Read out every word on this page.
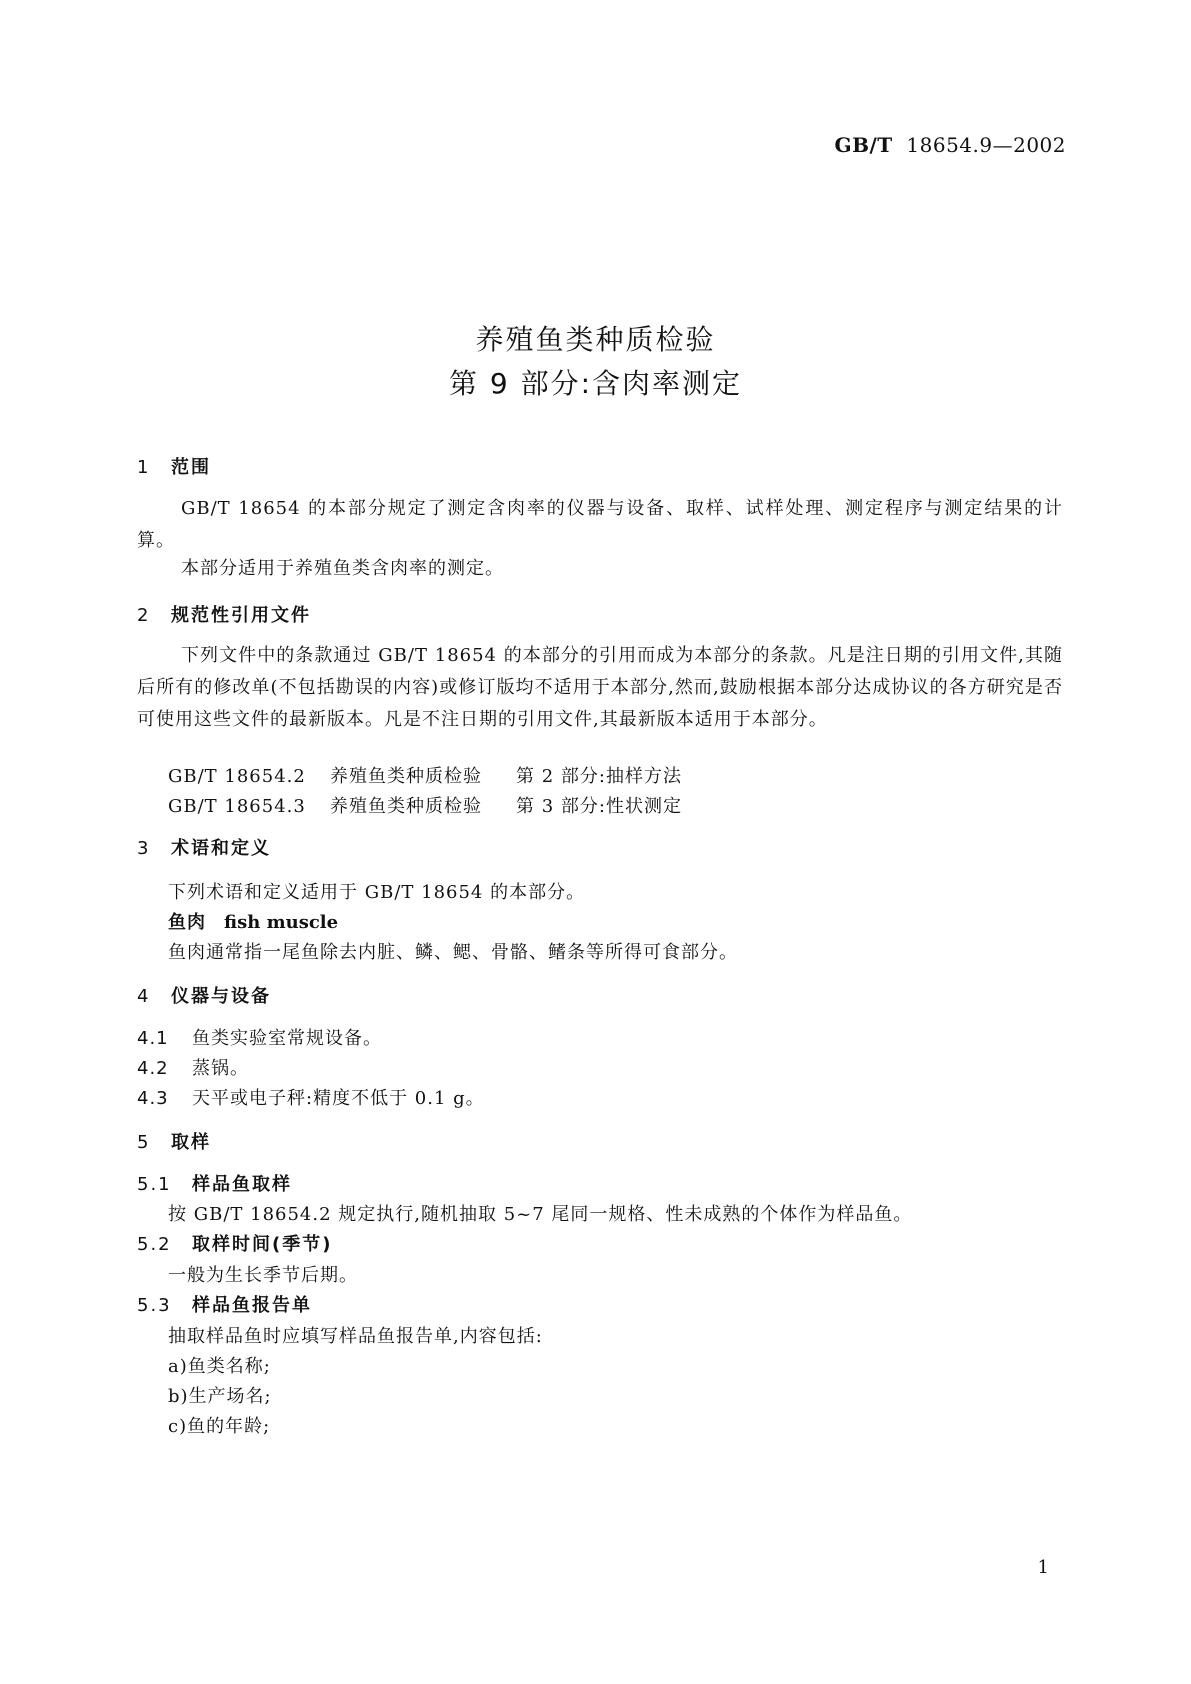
GB/T 18654.9—2002
养殖鱼类种质检验
第 9 部分:含肉率测定
1 范围
GB/T 18654 的本部分规定了测定含肉率的仪器与设备、取样、试样处理、测定程序与测定结果的计算。
本部分适用于养殖鱼类含肉率的测定。
2 规范性引用文件
下列文件中的条款通过 GB/T 18654 的本部分的引用而成为本部分的条款。凡是注日期的引用文件,其随后所有的修改单(不包括勘误的内容)或修订版均不适用于本部分,然而,鼓励根据本部分达成协议的各方研究是否可使用这些文件的最新版本。凡是不注日期的引用文件,其最新版本适用于本部分。
GB/T 18654.2 养殖鱼类种质检验 第 2 部分:抽样方法
GB/T 18654.3 养殖鱼类种质检验 第 3 部分:性状测定
3 术语和定义
下列术语和定义适用于 GB/T 18654 的本部分。
鱼肉 fish muscle
鱼肉通常指一尾鱼除去内脏、鳞、鳃、骨骼、鳍条等所得可食部分。
4 仪器与设备
4.1 鱼类实验室常规设备。
4.2 蒸锅。
4.3 天平或电子秤:精度不低于 0.1 g。
5 取样
5.1 样品鱼取样
按 GB/T 18654.2 规定执行,随机抽取 5~7 尾同一规格、性未成熟的个体作为样品鱼。
5.2 取样时间(季节)
一般为生长季节后期。
5.3 样品鱼报告单
抽取样品鱼时应填写样品鱼报告单,内容包括:
a)鱼类名称;
b)生产场名;
c)鱼的年龄;
1
